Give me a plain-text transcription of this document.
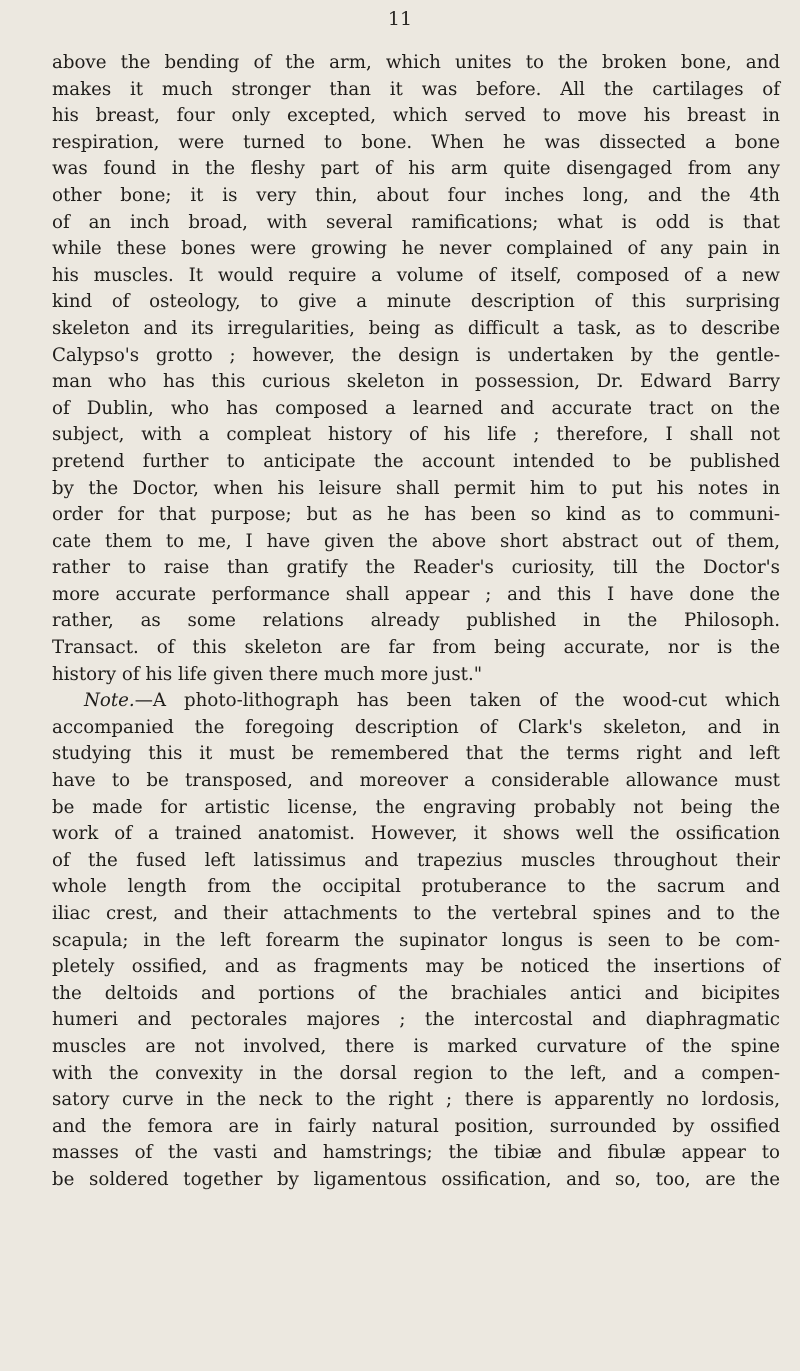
11
above the bending of the arm, which unites to the broken bone, and
makes it much stronger than it was before. All the cartilages of
his breast, four only excepted, which served to move his breast in
respiration, were turned to bone. When he was dissected a bone
was found in the fleshy part of his arm quite disengaged from any
other bone; it is very thin, about four inches long, and the 4th
of an inch broad, with several ramifications; what is odd is that
while these bones were growing he never complained of any pain in
his muscles. It would require a volume of itself, composed of a new
kind of osteology, to give a minute description of this surprising
skeleton and its irregularities, being as difficult a task, as to describe
Calypso's grotto ; however, the design is undertaken by the gentle-
man who has this curious skeleton in possession, Dr. Edward Barry
of Dublin, who has composed a learned and accurate tract on the
subject, with a compleat history of his life ; therefore, I shall not
pretend further to anticipate the account intended to be published
by the Doctor, when his leisure shall permit him to put his notes in
order for that purpose; but as he has been so kind as to communi-
cate them to me, I have given the above short abstract out of them,
rather to raise than gratify the Reader's curiosity, till the Doctor's
more accurate performance shall appear ; and this I have done the
rather, as some relations already published in the Philosoph.
Transact. of this skeleton are far from being accurate, nor is the
history of his life given there much more just."
Note.—A photo-lithograph has been taken of the wood-cut which
accompanied the foregoing description of Clark's skeleton, and in
studying this it must be remembered that the terms right and left
have to be transposed, and moreover a considerable allowance must
be made for artistic license, the engraving probably not being the
work of a trained anatomist. However, it shows well the ossification
of the fused left latissimus and trapezius muscles throughout their
whole length from the occipital protuberance to the sacrum and
iliac crest, and their attachments to the vertebral spines and to the
scapula; in the left forearm the supinator longus is seen to be com-
pletely ossified, and as fragments may be noticed the insertions of
the deltoids and portions of the brachiales antici and bicipites
humeri and pectorales majores ; the intercostal and diaphragmatic
muscles are not involved, there is marked curvature of the spine
with the convexity in the dorsal region to the left, and a compen-
satory curve in the neck to the right ; there is apparently no lordosis,
and the femora are in fairly natural position, surrounded by ossified
masses of the vasti and hamstrings; the tibiæ and fibulæ appear to
be soldered together by ligamentous ossification, and so, too, are the
